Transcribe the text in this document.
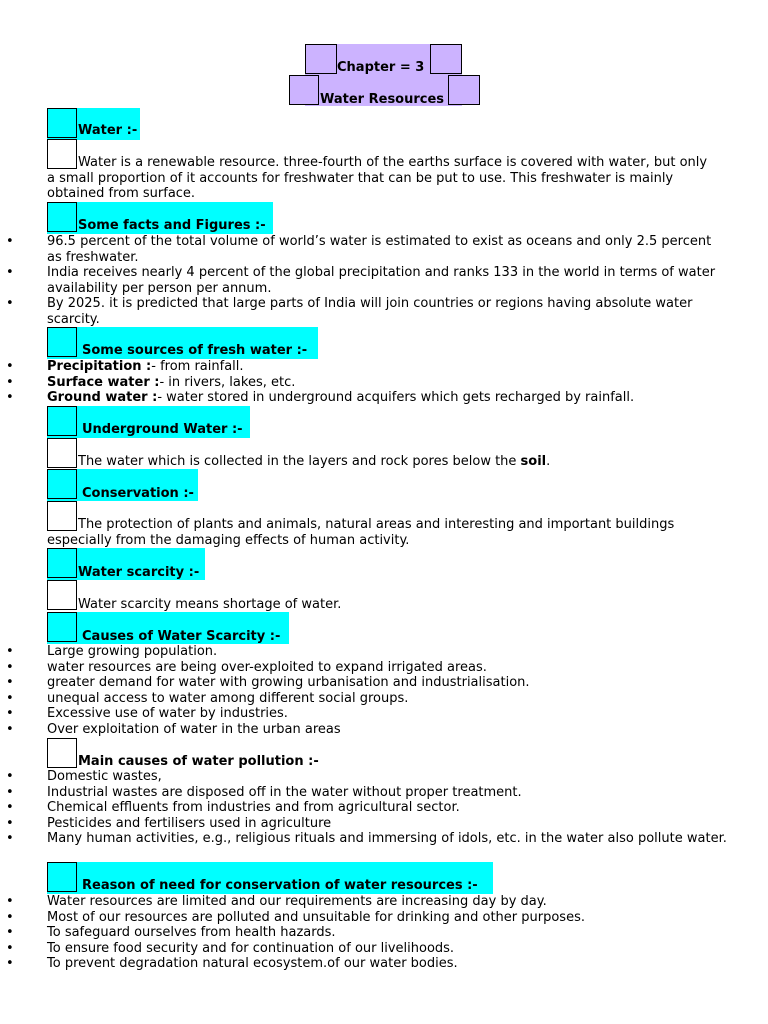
Chapter = 3
Water Resources
Water :-
Water is a renewable resource. three-fourth of the earths surface is covered with water, but only a small proportion of it accounts for freshwater that can be put to use. This freshwater is mainly obtained from surface.
Some facts and Figures :-
• 96.5 percent of the total volume of world’s water is estimated to exist as oceans and only 2.5 percent as freshwater.
• India receives nearly 4 percent of the global precipitation and ranks 133 in the world in terms of water availability per person per annum.
• By 2025. it is predicted that large parts of India will join countries or regions having absolute water scarcity.
Some sources of fresh water :-
• Precipitation :- from rainfall.
• Surface water :- in rivers, lakes, etc.
• Ground water :- water stored in underground acquifers which gets recharged by rainfall.
Underground Water :-
The water which is collected in the layers and rock pores below the soil.
Conservation :-
The protection of plants and animals, natural areas and interesting and important buildings especially from the damaging effects of human activity.
Water scarcity :-
Water scarcity means shortage of water.
Causes of Water Scarcity :-
• Large growing population.
• water resources are being over-exploited to expand irrigated areas.
• greater demand for water with growing urbanisation and industrialisation.
• unequal access to water among different social groups.
• Excessive use of water by industries.
• Over exploitation of water in the urban areas
Main causes of water pollution :-
• Domestic wastes,
• Industrial wastes are disposed off in the water without proper treatment.
• Chemical effluents from industries and from agricultural sector.
• Pesticides and fertilisers used in agriculture
• Many human activities, e.g., religious rituals and immersing of idols, etc. in the water also pollute water.
Reason of need for conservation of water resources :-
• Water resources are limited and our requirements are increasing day by day.
• Most of our resources are polluted and unsuitable for drinking and other purposes.
• To safeguard ourselves from health hazards.
• To ensure food security and for continuation of our livelihoods.
• To prevent degradation natural ecosystem.of our water bodies.
